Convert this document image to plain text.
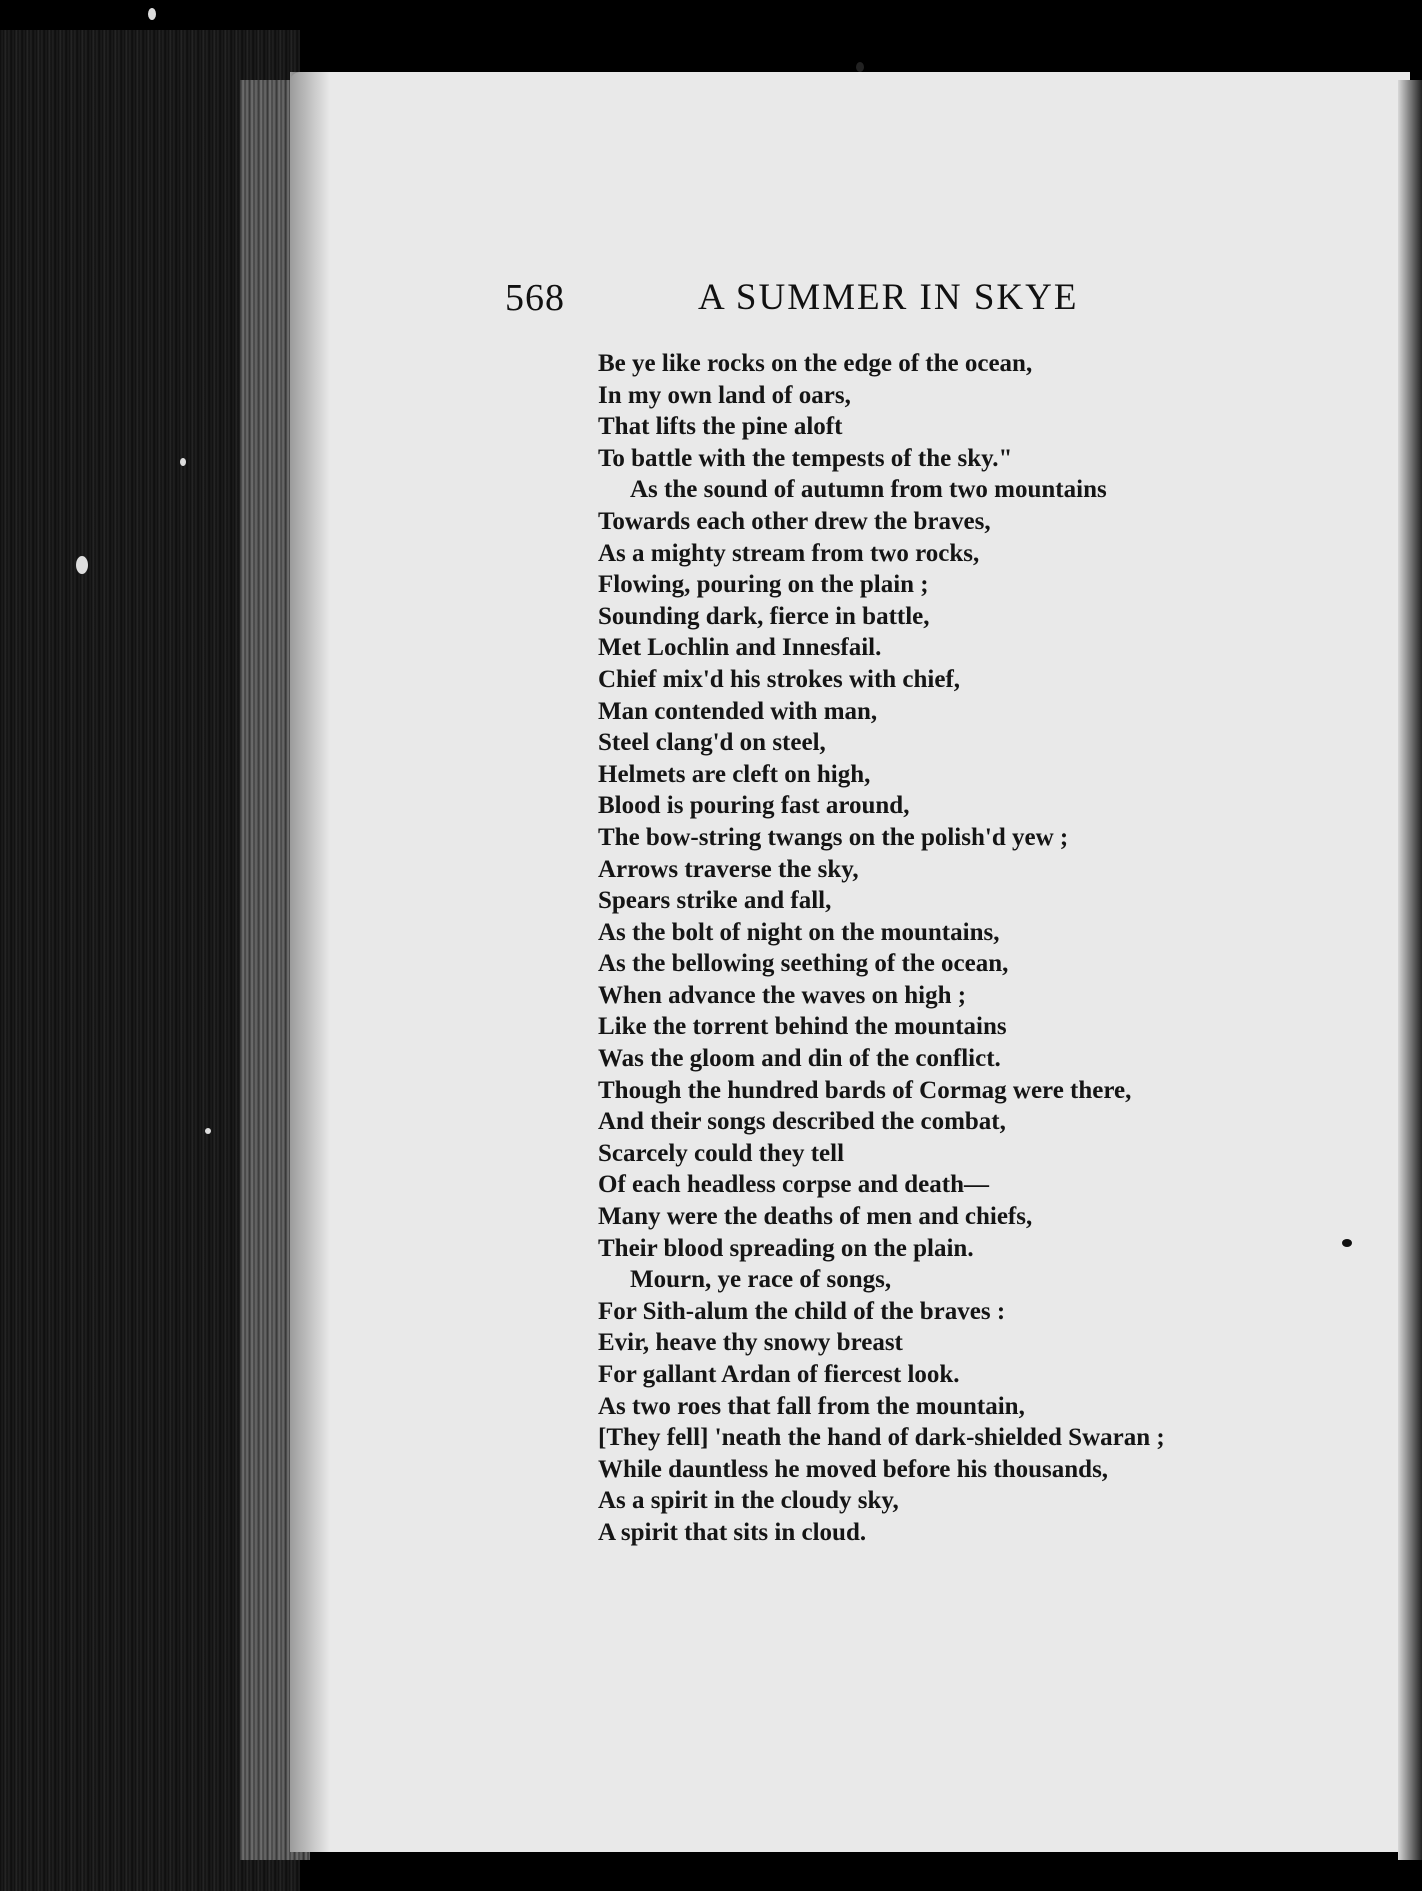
568	A SUMMER IN SKYE
Be ye like rocks on the edge of the ocean,
In my own land of oars,
That lifts the pine aloft
To battle with the tempests of the sky."
As the sound of autumn from two mountains
Towards each other drew the braves,
As a mighty stream from two rocks,
Flowing, pouring on the plain ;
Sounding dark, fierce in battle,
Met Lochlin and Innesfail.
Chief mix'd his strokes with chief,
Man contended with man,
Steel clang'd on steel,
Helmets are cleft on high,
Blood is pouring fast around,
The bow-string twangs on the polish'd yew ;
Arrows traverse the sky,
Spears strike and fall,
As the bolt of night on the mountains,
As the bellowing seething of the ocean,
When advance the waves on high ;
Like the torrent behind the mountains
Was the gloom and din of the conflict.
Though the hundred bards of Cormag were there,
And their songs described the combat,
Scarcely could they tell
Of each headless corpse and death—
Many were the deaths of men and chiefs,
Their blood spreading on the plain.
Mourn, ye race of songs,
For Sith-alum the child of the braves :
Evir, heave thy snowy breast
For gallant Ardan of fiercest look.
As two roes that fall from the mountain,
[They fell] 'neath the hand of dark-shielded Swaran ;
While dauntless he moved before his thousands,
As a spirit in the cloudy sky,
A spirit that sits in cloud.
